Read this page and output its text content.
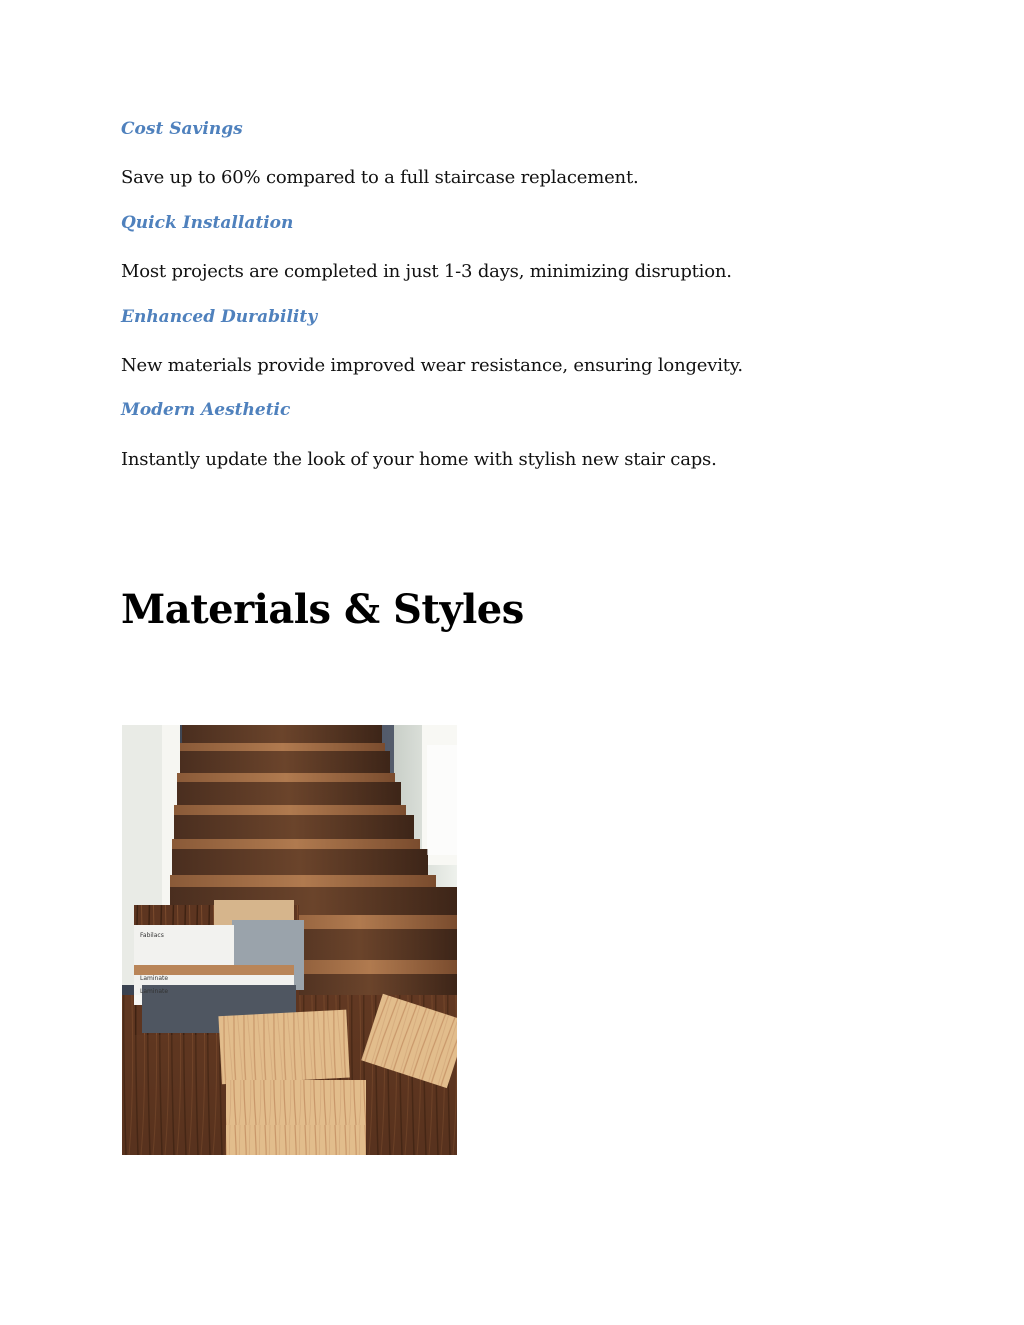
Cost Savings
Save up to 60% compared to a full staircase replacement.
Quick Installation
Most projects are completed in just 1-3 days, minimizing disruption.
Enhanced Durability
New materials provide improved wear resistance, ensuring longevity.
Modern Aesthetic
Instantly update the look of your home with stylish new stair caps.
Materials & Styles
Fabilacs
Laminate
Laminate
